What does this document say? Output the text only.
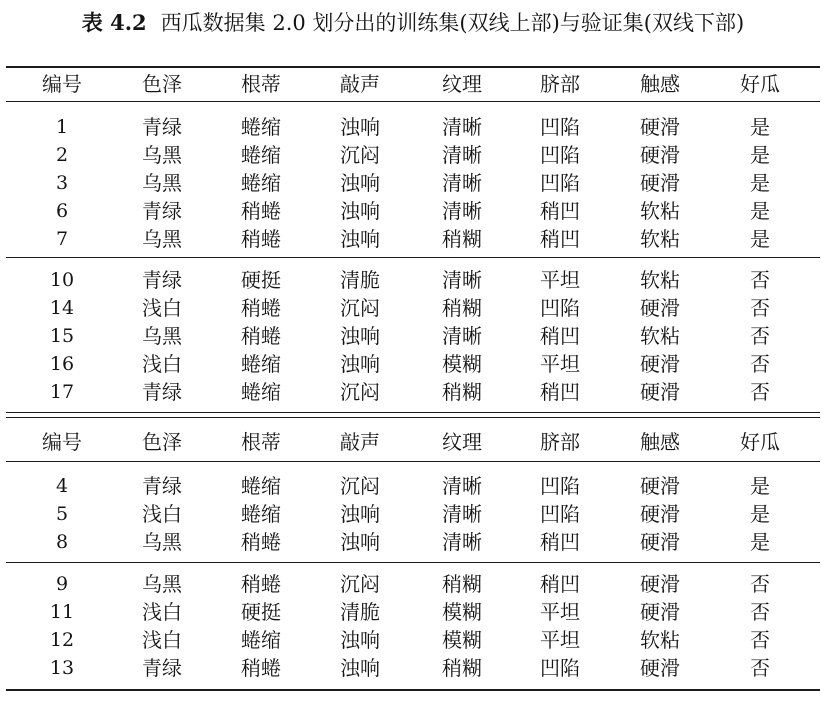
表 4.2 西瓜数据集 2.0 划分出的训练集(双线上部)与验证集(双线下部)
编号	色泽	根蒂	敲声	纹理	脐部	触感	好瓜
1	青绿	蜷缩	浊响	清晰	凹陷	硬滑	是
2	乌黑	蜷缩	沉闷	清晰	凹陷	硬滑	是
3	乌黑	蜷缩	浊响	清晰	凹陷	硬滑	是
6	青绿	稍蜷	浊响	清晰	稍凹	软粘	是
7	乌黑	稍蜷	浊响	稍糊	稍凹	软粘	是
10	青绿	硬挺	清脆	清晰	平坦	软粘	否
14	浅白	稍蜷	沉闷	稍糊	凹陷	硬滑	否
15	乌黑	稍蜷	浊响	清晰	稍凹	软粘	否
16	浅白	蜷缩	浊响	模糊	平坦	硬滑	否
17	青绿	蜷缩	沉闷	稍糊	稍凹	硬滑	否
编号	色泽	根蒂	敲声	纹理	脐部	触感	好瓜
4	青绿	蜷缩	沉闷	清晰	凹陷	硬滑	是
5	浅白	蜷缩	浊响	清晰	凹陷	硬滑	是
8	乌黑	稍蜷	浊响	清晰	稍凹	硬滑	是
9	乌黑	稍蜷	沉闷	稍糊	稍凹	硬滑	否
11	浅白	硬挺	清脆	模糊	平坦	硬滑	否
12	浅白	蜷缩	浊响	模糊	平坦	软粘	否
13	青绿	稍蜷	浊响	稍糊	凹陷	硬滑	否
